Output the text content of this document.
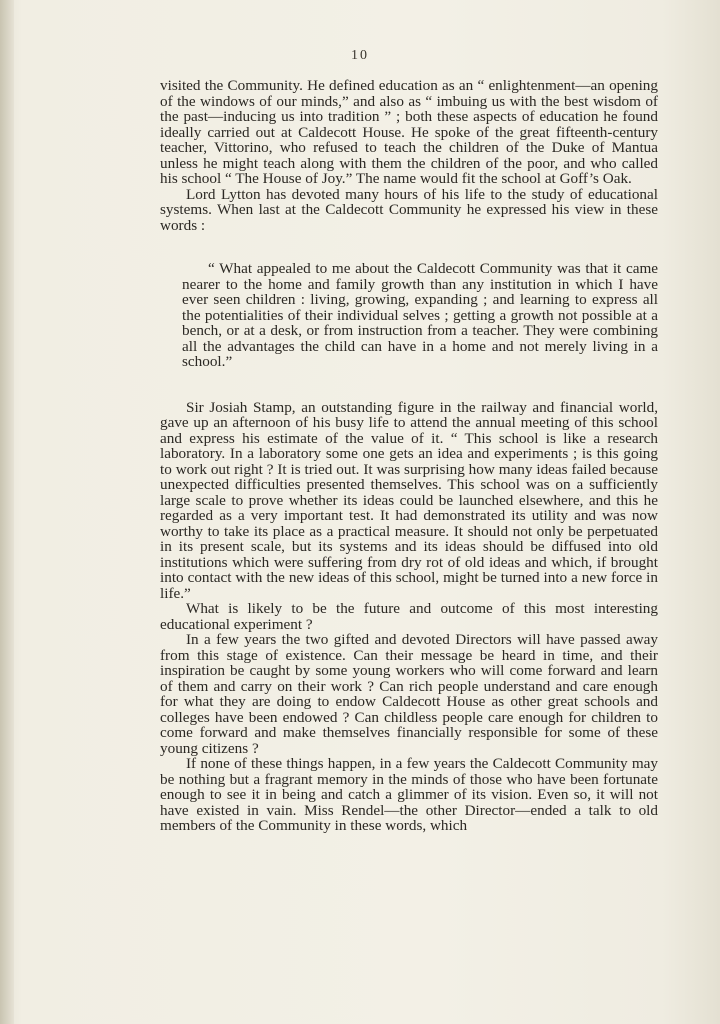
10

visited the Community. He defined education as an “ enlightenment—an opening of the windows of our minds,” and also as “ imbuing us with the best wisdom of the past—inducing us into tradition ” ; both these aspects of education he found ideally carried out at Caldecott House. He spoke of the great fifteenth-century teacher, Vittorino, who refused to teach the children of the Duke of Mantua unless he might teach along with them the children of the poor, and who called his school “ The House of Joy.” The name would fit the school at Goff’s Oak.

Lord Lytton has devoted many hours of his life to the study of educational systems. When last at the Caldecott Community he expressed his view in these words :

“ What appealed to me about the Caldecott Community was that it came nearer to the home and family growth than any institution in which I have ever seen children : living, growing, expanding ; and learning to express all the potentialities of their individual selves ; getting a growth not possible at a bench, or at a desk, or from instruction from a teacher. They were combining all the advantages the child can have in a home and not merely living in a school.”

Sir Josiah Stamp, an outstanding figure in the railway and financial world, gave up an afternoon of his busy life to attend the annual meeting of this school and express his estimate of the value of it. “ This school is like a research laboratory. In a laboratory some one gets an idea and experiments ; is this going to work out right ? It is tried out. It was surprising how many ideas failed because unexpected difficulties presented themselves. This school was on a sufficiently large scale to prove whether its ideas could be launched elsewhere, and this he regarded as a very important test. It had demonstrated its utility and was now worthy to take its place as a practical measure. It should not only be perpetuated in its present scale, but its systems and its ideas should be diffused into old institutions which were suffering from dry rot of old ideas and which, if brought into contact with the new ideas of this school, might be turned into a new force in life.”

What is likely to be the future and outcome of this most interesting educational experiment ?

In a few years the two gifted and devoted Directors will have passed away from this stage of existence. Can their message be heard in time, and their inspiration be caught by some young workers who will come forward and learn of them and carry on their work ? Can rich people understand and care enough for what they are doing to endow Caldecott House as other great schools and colleges have been endowed ? Can childless people care enough for children to come forward and make themselves financially responsible for some of these young citizens ?

If none of these things happen, in a few years the Caldecott Community may be nothing but a fragrant memory in the minds of those who have been fortunate enough to see it in being and catch a glimmer of its vision. Even so, it will not have existed in vain. Miss Rendel—the other Director—ended a talk to old members of the Community in these words, which
